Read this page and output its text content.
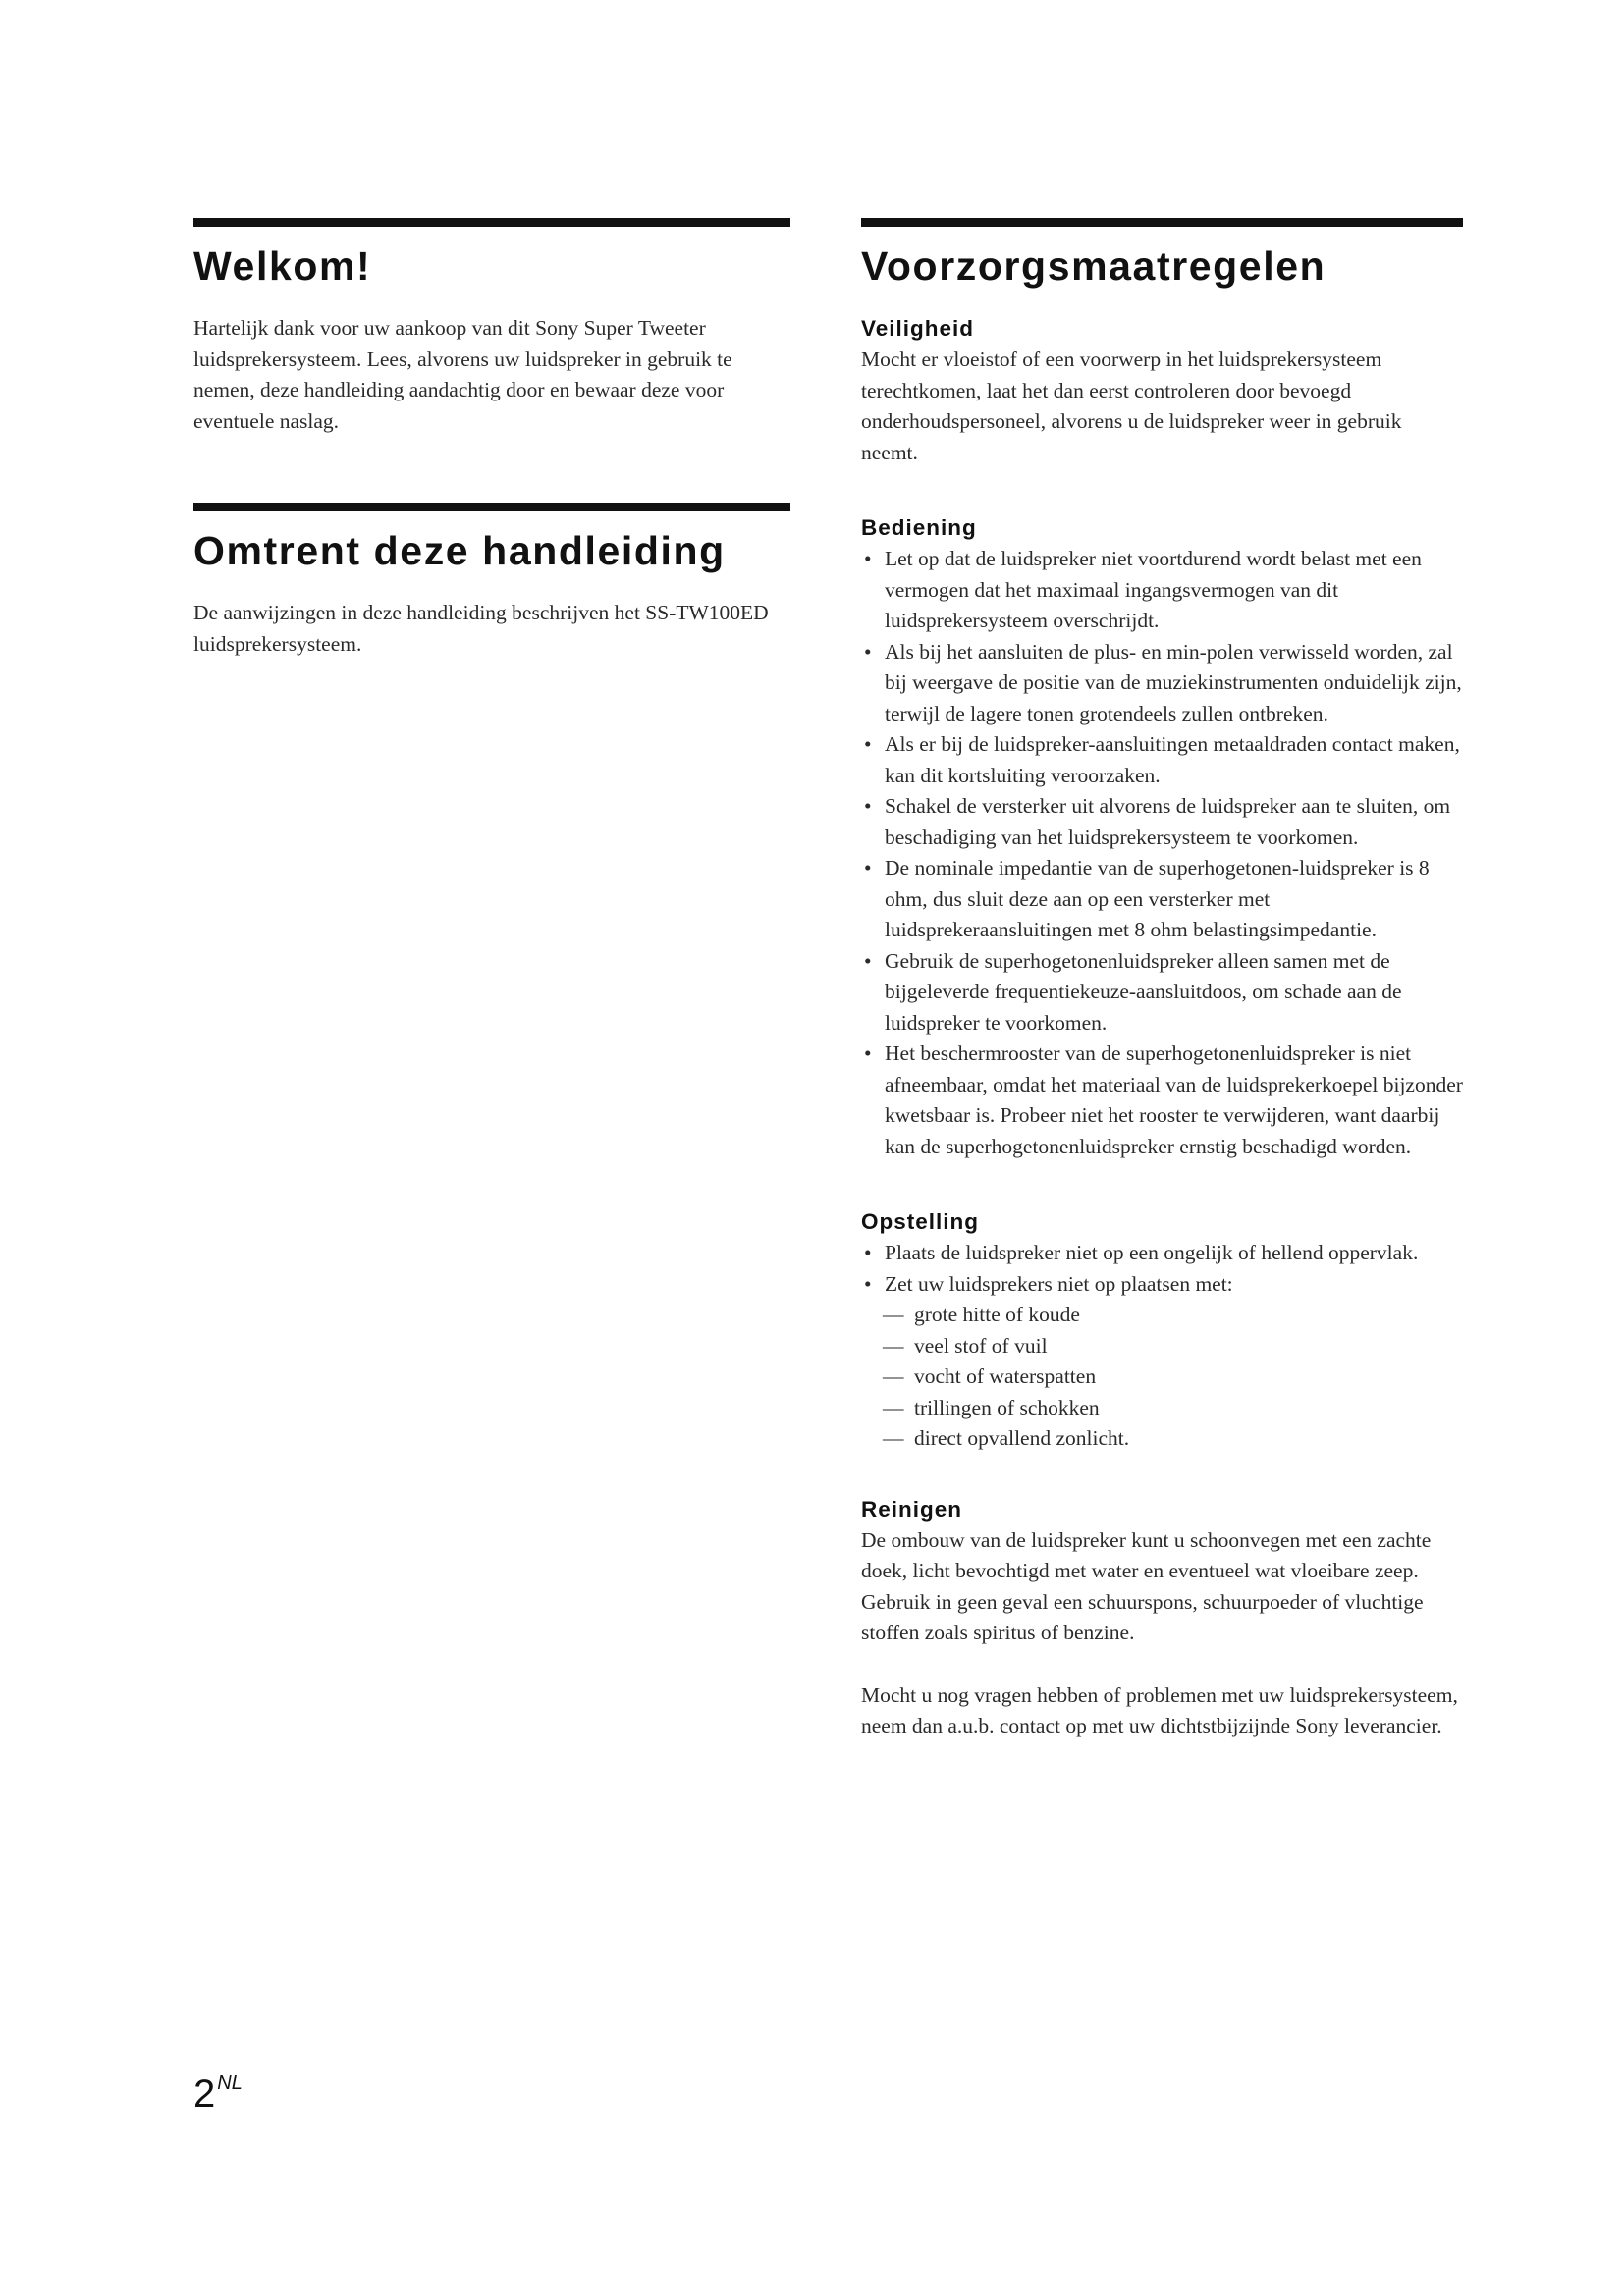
Welkom!

Hartelijk dank voor uw aankoop van dit Sony Super Tweeter luidsprekersysteem. Lees, alvorens uw luidspreker in gebruik te nemen, deze handleiding aandachtig door en bewaar deze voor eventuele naslag.

Omtrent deze handleiding

De aanwijzingen in deze handleiding beschrijven het SS-TW100ED luidsprekersysteem.

Voorzorgsmaatregelen
Veiligheid

Mocht er vloeistof of een voorwerp in het luidsprekersysteem terechtkomen, laat het dan eerst controleren door bevoegd onderhoudspersoneel, alvorens u de luidspreker weer in gebruik neemt.

Bediening
• Let op dat de luidspreker niet voortdurend wordt belast met een vermogen dat het maximaal ingangsvermogen van dit luidsprekersysteem overschrijdt.
• Als bij het aansluiten de plus- en min-polen verwisseld worden, zal bij weergave de positie van de muziekinstrumenten onduidelijk zijn, terwijl de lagere tonen grotendeels zullen ontbreken.
• Als er bij de luidspreker-aansluitingen metaaldraden contact maken, kan dit kortsluiting veroorzaken.
• Schakel de versterker uit alvorens de luidspreker aan te sluiten, om beschadiging van het luidsprekersysteem te voorkomen.
• De nominale impedantie van de superhogetonen-luidspreker is 8 ohm, dus sluit deze aan op een versterker met luidsprekeraansluitingen met 8 ohm belastingsimpedantie.
• Gebruik de superhogetonenluidspreker alleen samen met de bijgeleverde frequentiekeuze-aansluitdoos, om schade aan de luidspreker te voorkomen.
• Het beschermrooster van de superhogetonenluidspreker is niet afneembaar, omdat het materiaal van de luidsprekerkoepel bijzonder kwetsbaar is. Probeer niet het rooster te verwijderen, want daarbij kan de superhogetonenluidspreker ernstig beschadigd worden.
Opstelling
• Plaats de luidspreker niet op een ongelijk of hellend oppervlak.
• Zet uw luidsprekers niet op plaatsen met:
— grote hitte of koude
— veel stof of vuil
— vocht of waterspatten
— trillingen of schokken
— direct opvallend zonlicht.
Reinigen

De ombouw van de luidspreker kunt u schoonvegen met een zachte doek, licht bevochtigd met water en eventueel wat vloeibare zeep. Gebruik in geen geval een schuurspons, schuurpoeder of vluchtige stoffen zoals spiritus of benzine.

Mocht u nog vragen hebben of problemen met uw luidsprekersysteem, neem dan a.u.b. contact op met uw dichtstbijzijnde Sony leverancier.

2 $^{NL}$
